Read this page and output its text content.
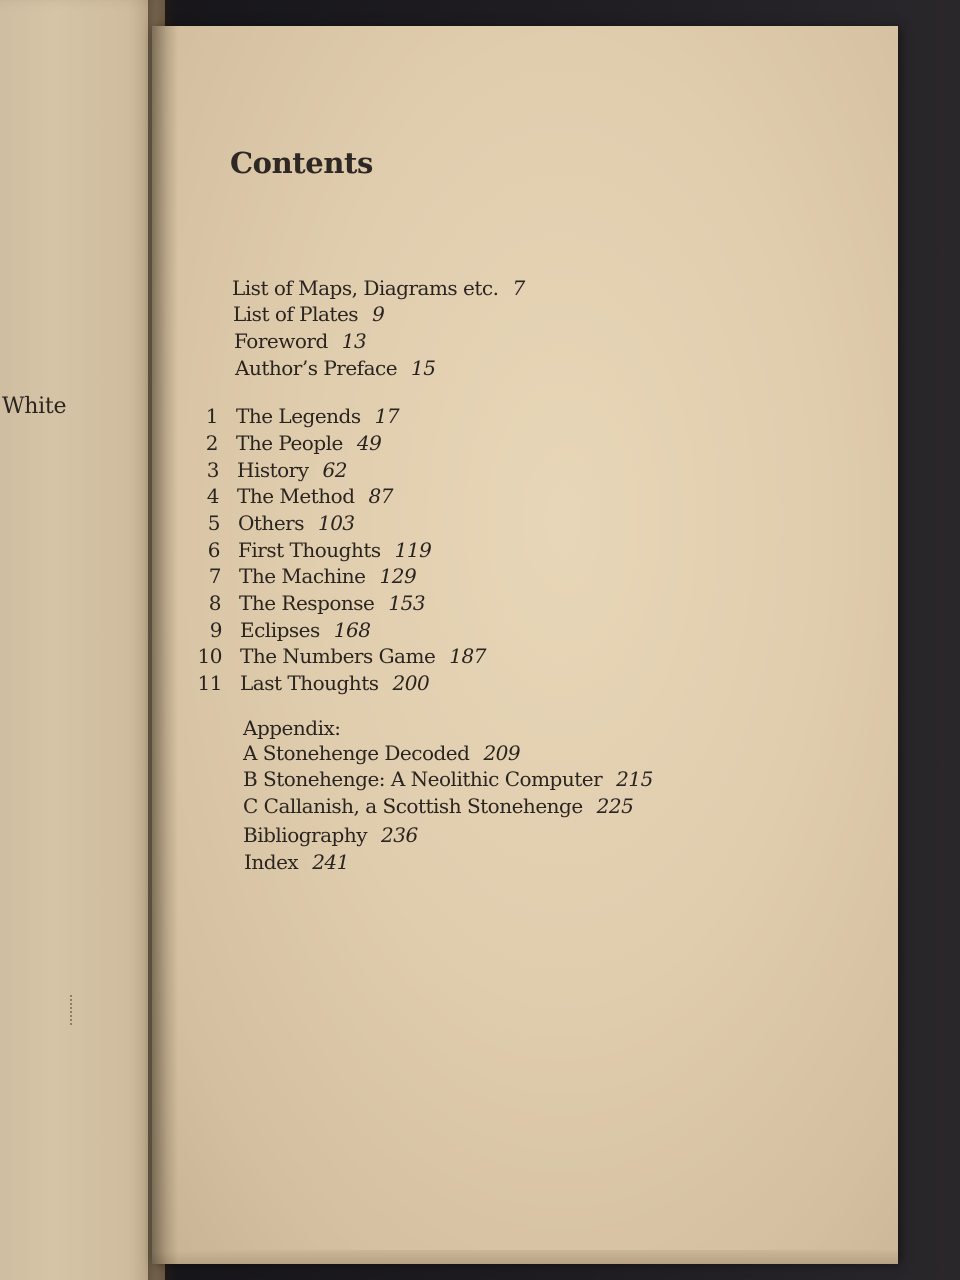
White
Contents
List of Maps, Diagrams etc. 7
List of Plates 9
Foreword 13
Author’s Preface 15
1 The Legends 17
2 The People 49
3 History 62
4 The Method 87
5 Others 103
6 First Thoughts 119
7 The Machine 129
8 The Response 153
9 Eclipses 168
10 The Numbers Game 187
11 Last Thoughts 200
Appendix:
A Stonehenge Decoded 209
B Stonehenge: A Neolithic Computer 215
C Callanish, a Scottish Stonehenge 225
Bibliography 236
Index 241
